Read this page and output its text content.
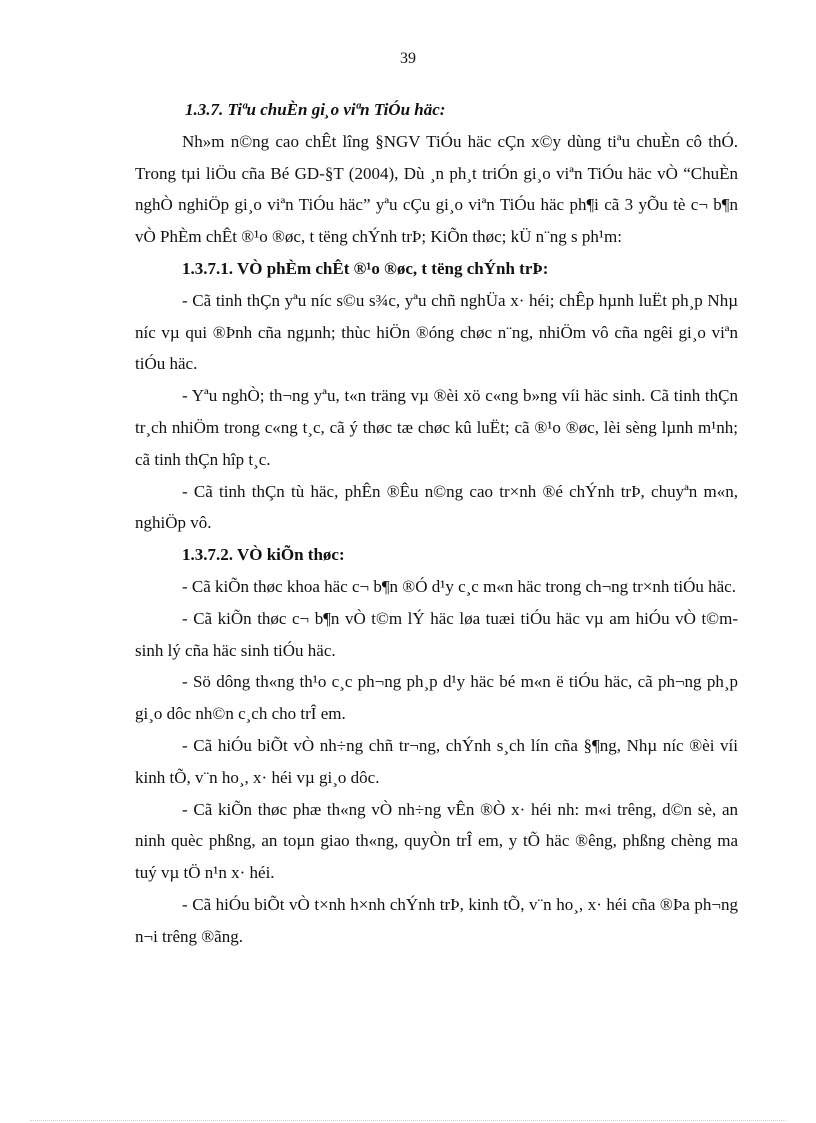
39

1.3.7. Tiªu chuÈn gi¸o viªn TiÓu häc:

Nh»m n©ng cao chÊt lîng §NGV TiÓu häc cÇn x©y dùng tiªu chuÈn cô thÓ. Trong tµi liÖu cña Bé GD-§T (2004), Dù ¸n ph¸t triÓn gi¸o viªn TiÓu häc vÒ “ChuÈn nghÒ nghiÖp gi¸o viªn TiÓu häc” yªu cÇu gi¸o viªn TiÓu häc ph¶i cã 3 yÕu tè c¬ b¶n vÒ PhÈm chÊt ®¹o ®øc, t tëng chÝnh trÞ; KiÕn thøc; kÜ n¨ng s ph¹m:

1.3.7.1. VÒ phÈm chÊt ®¹o ®øc, t tëng chÝnh trÞ:

- Cã tinh thÇn yªu níc s©u s¾c, yªu chñ nghÜa x· héi; chÊp hµnh luËt ph¸p Nhµ níc vµ qui ®Þnh cña ngµnh; thùc hiÖn ®óng chøc n¨ng, nhiÖm vô cña ngêi gi¸o viªn tiÓu häc.

- Yªu nghÒ; th¬ng yªu, t«n träng vµ ®èi xö c«ng b»ng víi häc sinh. Cã tinh thÇn tr¸ch nhiÖm trong c«ng t¸c, cã ý thøc tæ chøc kû luËt; cã ®¹o ®øc, lèi sèng lµnh m¹nh; cã tinh thÇn hîp t¸c.

- Cã tinh thÇn tù häc, phÊn ®Êu n©ng cao tr×nh ®é chÝnh trÞ, chuyªn m«n, nghiÖp vô.

1.3.7.2. VÒ kiÕn thøc:

- Cã kiÕn thøc khoa häc c¬ b¶n ®Ó d¹y c¸c m«n häc trong ch¬ng tr×nh tiÓu häc.

- Cã kiÕn thøc c¬ b¶n vÒ t©m lÝ häc løa tuæi tiÓu häc vµ am hiÓu vÒ t©m-sinh lý cña häc sinh tiÓu häc.

- Sö dông th«ng th¹o c¸c ph¬ng ph¸p d¹y häc bé m«n ë tiÓu häc, cã ph¬ng ph¸p gi¸o dôc nh©n c¸ch cho trÎ em.

- Cã hiÓu biÕt vÒ nh÷ng chñ tr¬ng, chÝnh s¸ch lín cña §¶ng, Nhµ níc ®èi víi kinh tÕ, v¨n ho¸, x· héi vµ gi¸o dôc.

- Cã kiÕn thøc phæ th«ng vÒ nh÷ng vÊn ®Ò x· héi nh: m«i trêng, d©n sè, an ninh quèc phßng, an toµn giao th«ng, quyÒn trÎ em, y tÕ häc ®êng, phßng chèng ma tuý vµ tÖ n¹n x· héi.

- Cã hiÓu biÕt vÒ t×nh h×nh chÝnh trÞ, kinh tÕ, v¨n ho¸, x· héi cña ®Þa ph¬ng n¬i trêng ®ãng.
